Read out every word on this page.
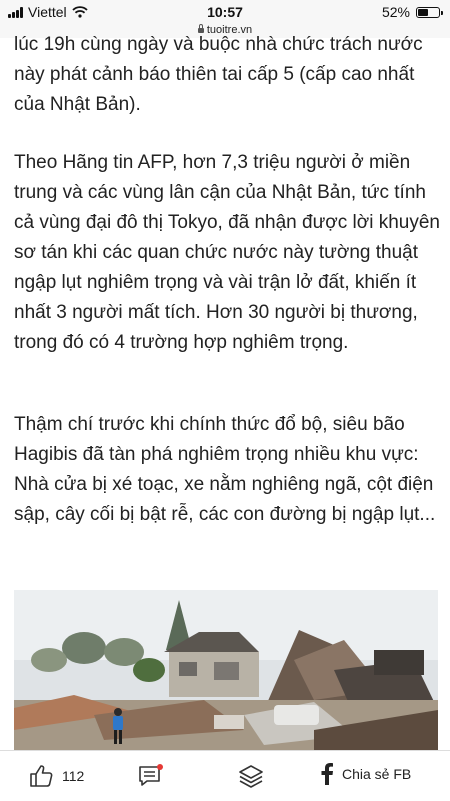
Viettel	10:57	52%
tuoitre.vn

lúc 19h cùng ngày và buộc nhà chức trách nước này phát cảnh báo thiên tai cấp 5 (cấp cao nhất của Nhật Bản).

Theo Hãng tin AFP, hơn 7,3 triệu người ở miền trung và các vùng lân cận của Nhật Bản, tức tính cả vùng đại đô thị Tokyo, đã nhận được lời khuyên sơ tán khi các quan chức nước này tường thuật ngập lụt nghiêm trọng và vài trận lở đất, khiến ít nhất 3 người mất tích. Hơn 30 người bị thương, trong đó có 4 trường hợp nghiêm trọng.

Thậm chí trước khi chính thức đổ bộ, siêu bão Hagibis đã tàn phá nghiêm trọng nhiều khu vực: Nhà cửa bị xé toạc, xe nằm nghiêng ngã, cột điện sập, cây cối bị bật rễ, các con đường bị ngập lụt...

112	Chia sẻ FB
